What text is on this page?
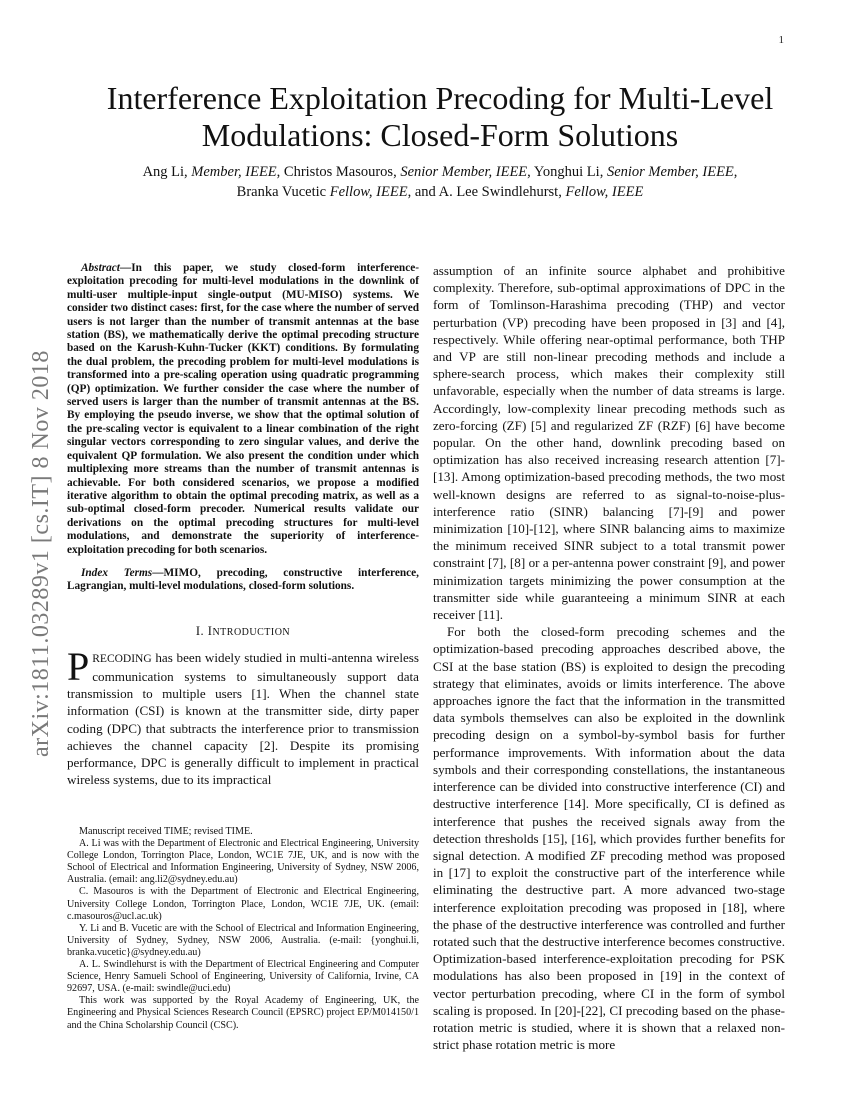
1
arXiv:1811.03289v1 [cs.IT] 8 Nov 2018
Interference Exploitation Precoding for Multi-Level
Modulations: Closed-Form Solutions
Ang Li, Member, IEEE, Christos Masouros, Senior Member, IEEE, Yonghui Li, Senior Member, IEEE,
Branka Vucetic Fellow, IEEE, and A. Lee Swindlehurst, Fellow, IEEE

Abstract—In this paper, we study closed-form interference-exploitation precoding for multi-level modulations in the downlink of multi-user multiple-input single-output (MU-MISO) systems. We consider two distinct cases: first, for the case where the number of served users is not larger than the number of transmit antennas at the base station (BS), we mathematically derive the optimal precoding structure based on the Karush-Kuhn-Tucker (KKT) conditions. By formulating the dual problem, the precoding problem for multi-level modulations is transformed into a pre-scaling operation using quadratic programming (QP) optimization. We further consider the case where the number of served users is larger than the number of transmit antennas at the BS. By employing the pseudo inverse, we show that the optimal solution of the pre-scaling vector is equivalent to a linear combination of the right singular vectors corresponding to zero singular values, and derive the equivalent QP formulation. We also present the condition under which multiplexing more streams than the number of transmit antennas is achievable. For both considered scenarios, we propose a modified iterative algorithm to obtain the optimal precoding matrix, as well as a sub-optimal closed-form precoder. Numerical results validate our derivations on the optimal precoding structures for multi-level modulations, and demonstrate the superiority of interference-exploitation precoding for both scenarios.

Index Terms—MIMO, precoding, constructive interference, Lagrangian, multi-level modulations, closed-form solutions.

I. INTRODUCTION

PRECODING has been widely studied in multi-antenna wireless communication systems to simultaneously support data transmission to multiple users [1]. When the channel state information (CSI) is known at the transmitter side, dirty paper coding (DPC) that subtracts the interference prior to transmission achieves the channel capacity [2]. Despite its promising performance, DPC is generally difficult to implement in practical wireless systems, due to its impractical

Manuscript received TIME; revised TIME.

A. Li was with the Department of Electronic and Electrical Engineering, University College London, Torrington Place, London, WC1E 7JE, UK, and is now with the School of Electrical and Information Engineering, University of Sydney, NSW 2006, Australia. (email: ang.li2@sydney.edu.au)

C. Masouros is with the Department of Electronic and Electrical Engineering, University College London, Torrington Place, London, WC1E 7JE, UK. (email: c.masouros@ucl.ac.uk)

Y. Li and B. Vucetic are with the School of Electrical and Information Engineering, University of Sydney, Sydney, NSW 2006, Australia. (e-mail: {yonghui.li, branka.vucetic}@sydney.edu.au)

A. L. Swindlehurst is with the Department of Electrical Engineering and Computer Science, Henry Samueli School of Engineering, University of California, Irvine, CA 92697, USA. (e-mail: swindle@uci.edu)

This work was supported by the Royal Academy of Engineering, UK, the Engineering and Physical Sciences Research Council (EPSRC) project EP/M014150/1 and the China Scholarship Council (CSC).

assumption of an infinite source alphabet and prohibitive complexity. Therefore, sub-optimal approximations of DPC in the form of Tomlinson-Harashima precoding (THP) and vector perturbation (VP) precoding have been proposed in [3] and [4], respectively. While offering near-optimal performance, both THP and VP are still non-linear precoding methods and include a sphere-search process, which makes their complexity still unfavorable, especially when the number of data streams is large. Accordingly, low-complexity linear precoding methods such as zero-forcing (ZF) [5] and regularized ZF (RZF) [6] have become popular. On the other hand, downlink precoding based on optimization has also received increasing research attention [7]-[13]. Among optimization-based precoding methods, the two most well-known designs are referred to as signal-to-noise-plus-interference ratio (SINR) balancing [7]-[9] and power minimization [10]-[12], where SINR balancing aims to maximize the minimum received SINR subject to a total transmit power constraint [7], [8] or a per-antenna power constraint [9], and power minimization targets minimizing the power consumption at the transmitter side while guaranteeing a minimum SINR at each receiver [11].

For both the closed-form precoding schemes and the optimization-based precoding approaches described above, the CSI at the base station (BS) is exploited to design the precoding strategy that eliminates, avoids or limits interference. The above approaches ignore the fact that the information in the transmitted data symbols themselves can also be exploited in the downlink precoding design on a symbol-by-symbol basis for further performance improvements. With information about the data symbols and their corresponding constellations, the instantaneous interference can be divided into constructive interference (CI) and destructive interference [14]. More specifically, CI is defined as interference that pushes the received signals away from the detection thresholds [15], [16], which provides further benefits for signal detection. A modified ZF precoding method was proposed in [17] to exploit the constructive part of the interference while eliminating the destructive part. A more advanced two-stage interference exploitation precoding was proposed in [18], where the phase of the destructive interference was controlled and further rotated such that the destructive interference becomes constructive. Optimization-based interference-exploitation precoding for PSK modulations has also been proposed in [19] in the context of vector perturbation precoding, where CI in the form of symbol scaling is proposed. In [20]-[22], CI precoding based on the phase-rotation metric is studied, where it is shown that a relaxed non-strict phase rotation metric is more
